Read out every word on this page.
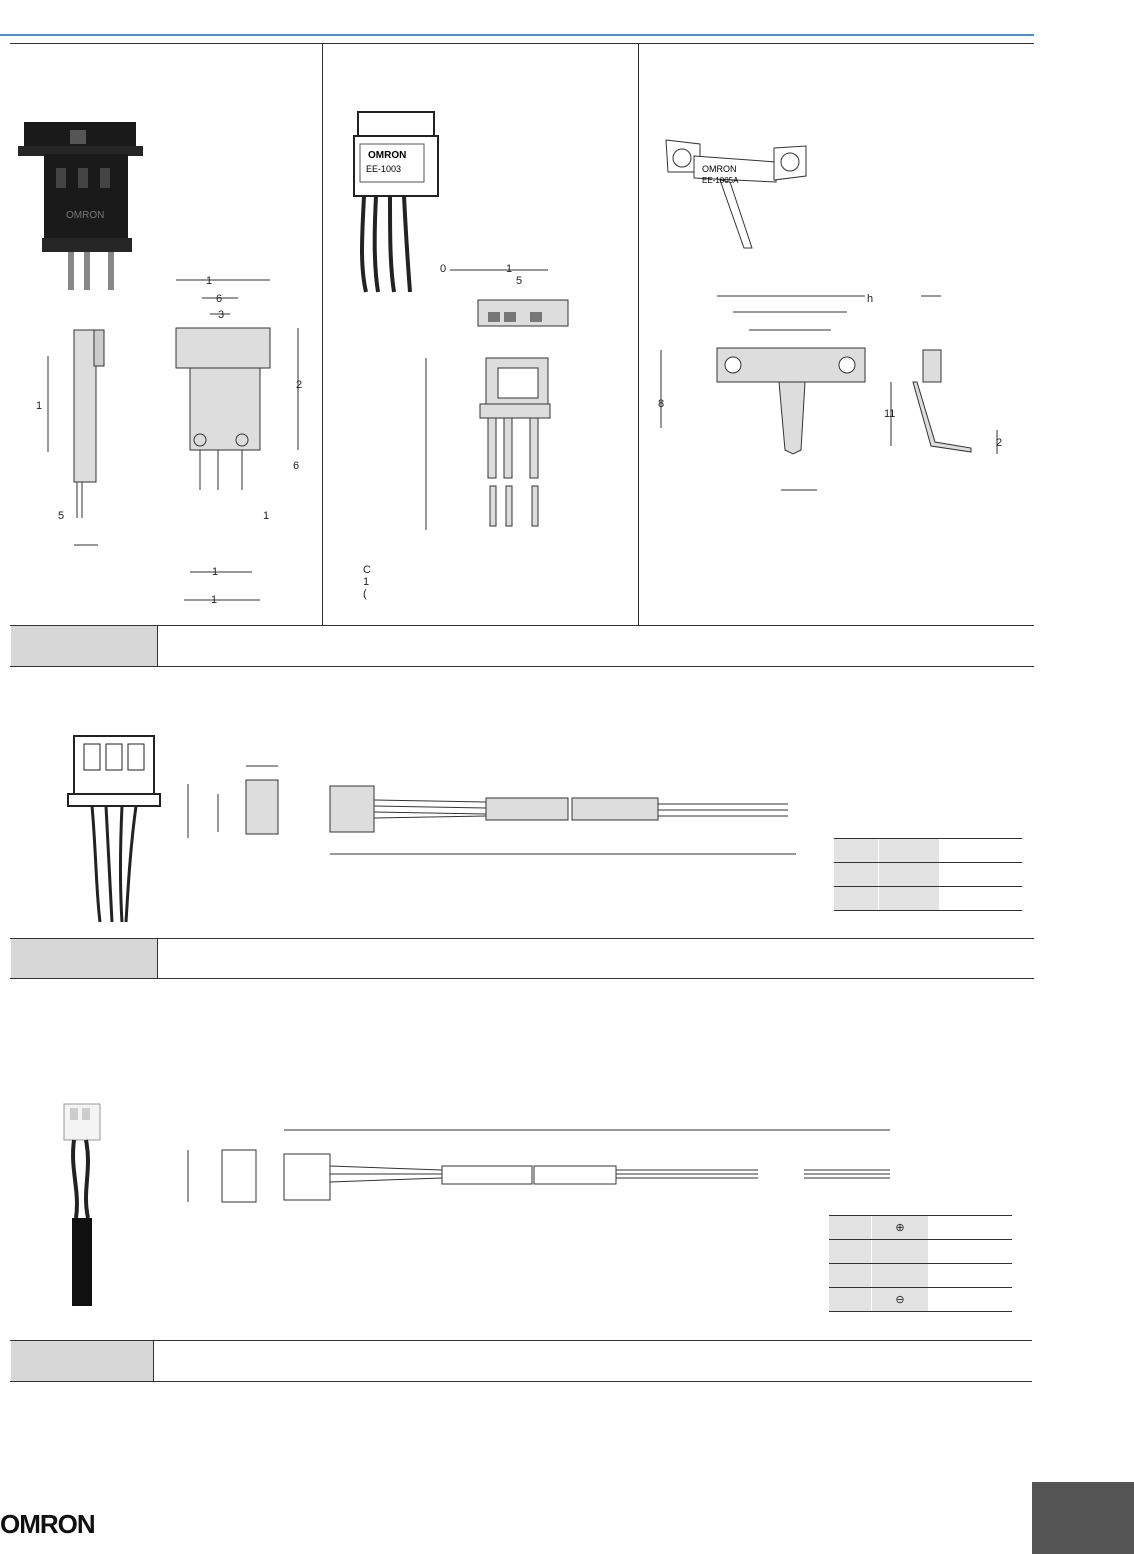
OMRON
1
6
3
2
1
6
5	1
1
1
OMRON
EE-1003
0	1
5
C
1
(
OMRON
EE-1005A
h
8
11
2

	⊕	

	⊖	
OMRON
